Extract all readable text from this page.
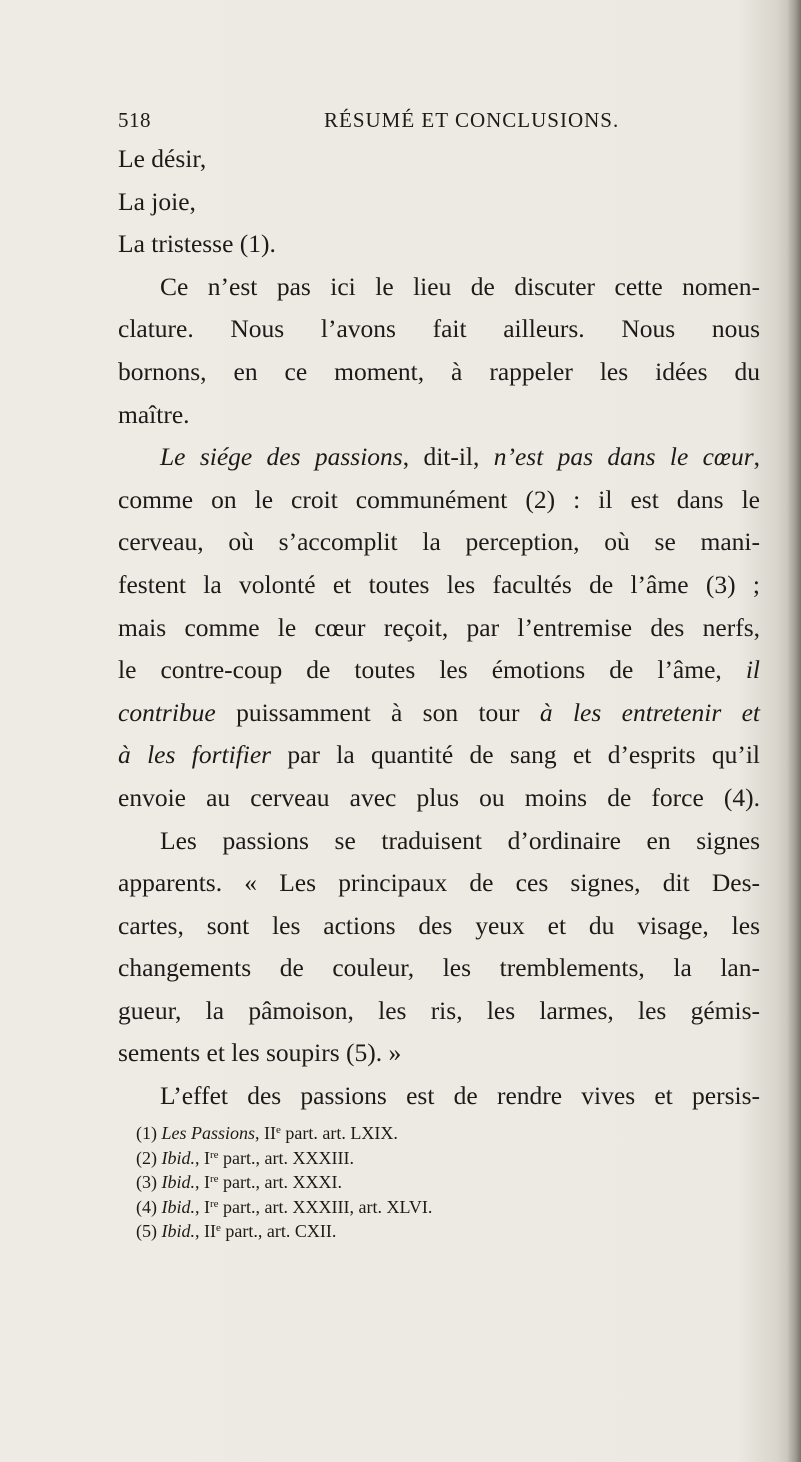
518	RÉSUMÉ ET CONCLUSIONS.
Le désir,
La joie,
La tristesse (1).
Ce n’est pas ici le lieu de discuter cette nomen-
clature. Nous l’avons fait ailleurs. Nous nous
bornons, en ce moment, à rappeler les idées du
maître.
Le siége des passions, dit-il, n’est pas dans le cœur,
comme on le croit communément (2) : il est dans le
cerveau, où s’accomplit la perception, où se mani-
festent la volonté et toutes les facultés de l’âme (3) ;
mais comme le cœur reçoit, par l’entremise des nerfs,
le contre-coup de toutes les émotions de l’âme, il
contribue puissamment à son tour à les entretenir et
à les fortifier par la quantité de sang et d’esprits qu’il
envoie au cerveau avec plus ou moins de force (4).
Les passions se traduisent d’ordinaire en signes
apparents. « Les principaux de ces signes, dit Des-
cartes, sont les actions des yeux et du visage, les
changements de couleur, les tremblements, la lan-
gueur, la pâmoison, les ris, les larmes, les gémis-
sements et les soupirs (5). »
L’effet des passions est de rendre vives et persis-
(1) Les Passions, IIe part. art. LXIX.
(2) Ibid., Ire part., art. XXXIII.
(3) Ibid., Ire part., art. XXXI.
(4) Ibid., Ire part., art. XXXIII, art. XLVI.
(5) Ibid., IIe part., art. CXII.
